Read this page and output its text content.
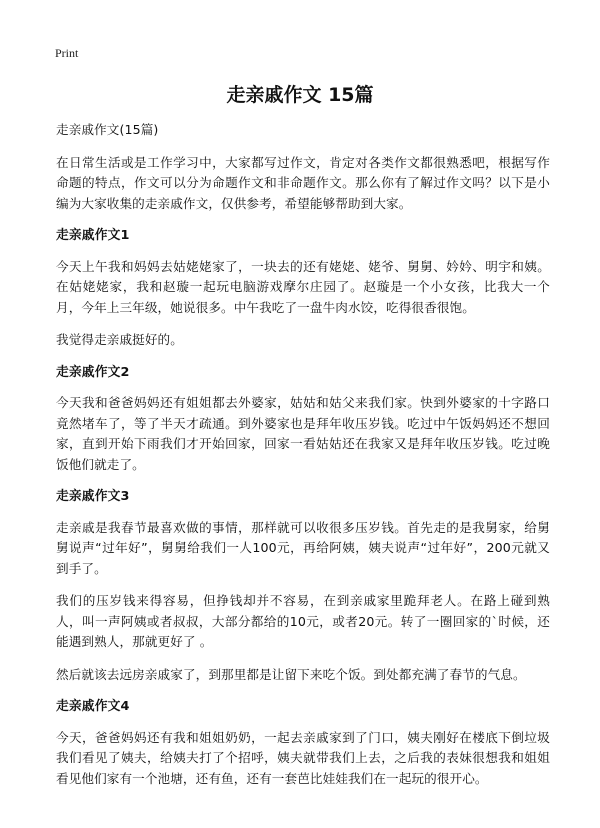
Print
走亲戚作文 15篇
走亲戚作文(15篇)

在日常生活或是工作学习中，大家都写过作文，肯定对各类作文都很熟悉吧，根据写作命题的特点，作文可以分为命题作文和非命题作文。那么你有了解过作文吗？以下是小编为大家收集的走亲戚作文，仅供参考，希望能够帮助到大家。

走亲戚作文1

今天上午我和妈妈去姑姥姥家了，一块去的还有姥姥、姥爷、舅舅、妗妗、明宇和姨。在姑姥姥家，我和赵璇一起玩电脑游戏摩尔庄园了。赵璇是一个小女孩，比我大一个月，今年上三年级，她说很多。中午我吃了一盘牛肉水饺，吃得很香很饱。

我觉得走亲戚挺好的。

走亲戚作文2

今天我和爸爸妈妈还有姐姐都去外婆家，姑姑和姑父来我们家。快到外婆家的十字路口竟然堵车了，等了半天才疏通。到外婆家也是拜年收压岁钱。吃过中午饭妈妈还不想回家，直到开始下雨我们才开始回家，回家一看姑姑还在我家又是拜年收压岁钱。吃过晚饭他们就走了。

走亲戚作文3

走亲戚是我春节最喜欢做的事情，那样就可以收很多压岁钱。首先走的是我舅家，给舅舅说声“过年好”，舅舅给我们一人100元，再给阿姨，姨夫说声“过年好”，200元就又到手了。

我们的压岁钱来得容易，但挣钱却并不容易，在到亲戚家里跪拜老人。在路上碰到熟人，叫一声阿姨或者叔叔，大部分都给的10元，或者20元。转了一圈回家的`时候，还能遇到熟人，那就更好了 。

然后就该去远房亲戚家了，到那里都是让留下来吃个饭。到处都充满了春节的气息。

走亲戚作文4

今天，爸爸妈妈还有我和姐姐奶奶，一起去亲戚家到了门口，姨夫刚好在楼底下倒垃圾我们看见了姨夫，给姨夫打了个招呼，姨夫就带我们上去，之后我的表妹很想我和姐姐看见他们家有一个池塘，还有鱼，还有一套芭比娃娃我们在一起玩的很开心。
